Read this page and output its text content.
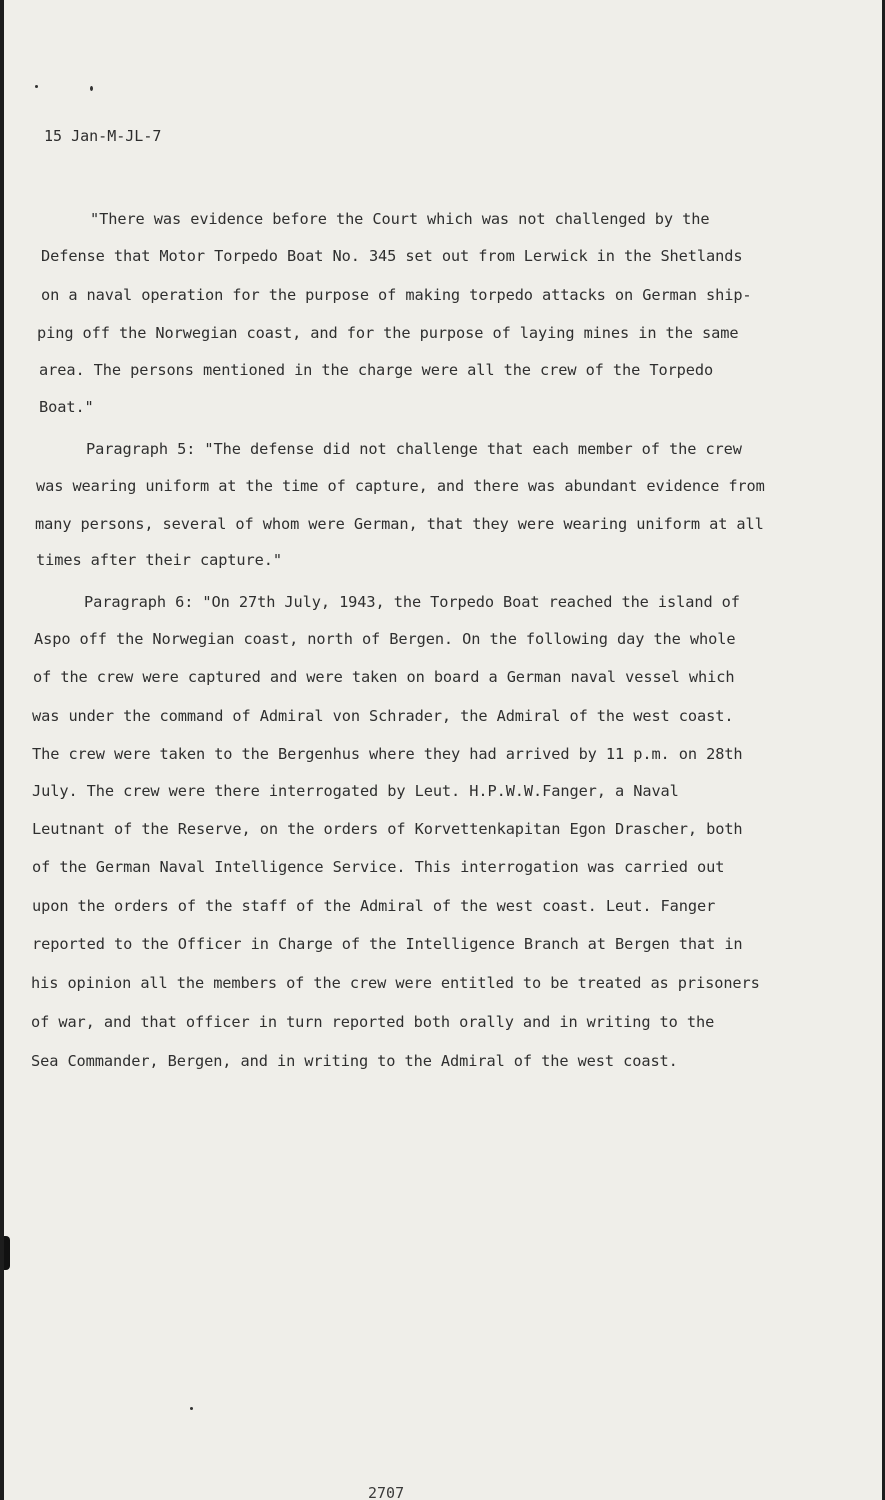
15 Jan-M-JL-7
"There was evidence before the Court which was not challenged by the
Defense that Motor Torpedo Boat No. 345 set out from Lerwick in the Shetlands
on a naval operation for the purpose of making torpedo attacks on German ship-
ping off the Norwegian coast, and for the purpose of laying mines in the same
area. The persons mentioned in the charge were all the crew of the Torpedo
Boat."
Paragraph 5: "The defense did not challenge that each member of the crew
was wearing uniform at the time of capture, and there was abundant evidence from
many persons, several of whom were German, that they were wearing uniform at all
times after their capture."
Paragraph 6: "On 27th July, 1943, the Torpedo Boat reached the island of
Aspo off the Norwegian coast, north of Bergen. On the following day the whole
of the crew were captured and were taken on board a German naval vessel which
was under the command of Admiral von Schrader, the Admiral of the west coast.
The crew were taken to the Bergenhus where they had arrived by 11 p.m. on 28th
July. The crew were there interrogated by Leut. H.P.W.W.Fanger, a Naval
Leutnant of the Reserve, on the orders of Korvettenkapitan Egon Drascher, both
of the German Naval Intelligence Service. This interrogation was carried out
upon the orders of the staff of the Admiral of the west coast. Leut. Fanger
reported to the Officer in Charge of the Intelligence Branch at Bergen that in
his opinion all the members of the crew were entitled to be treated as prisoners
of war, and that officer in turn reported both orally and in writing to the
Sea Commander, Bergen, and in writing to the Admiral of the west coast.
2707
